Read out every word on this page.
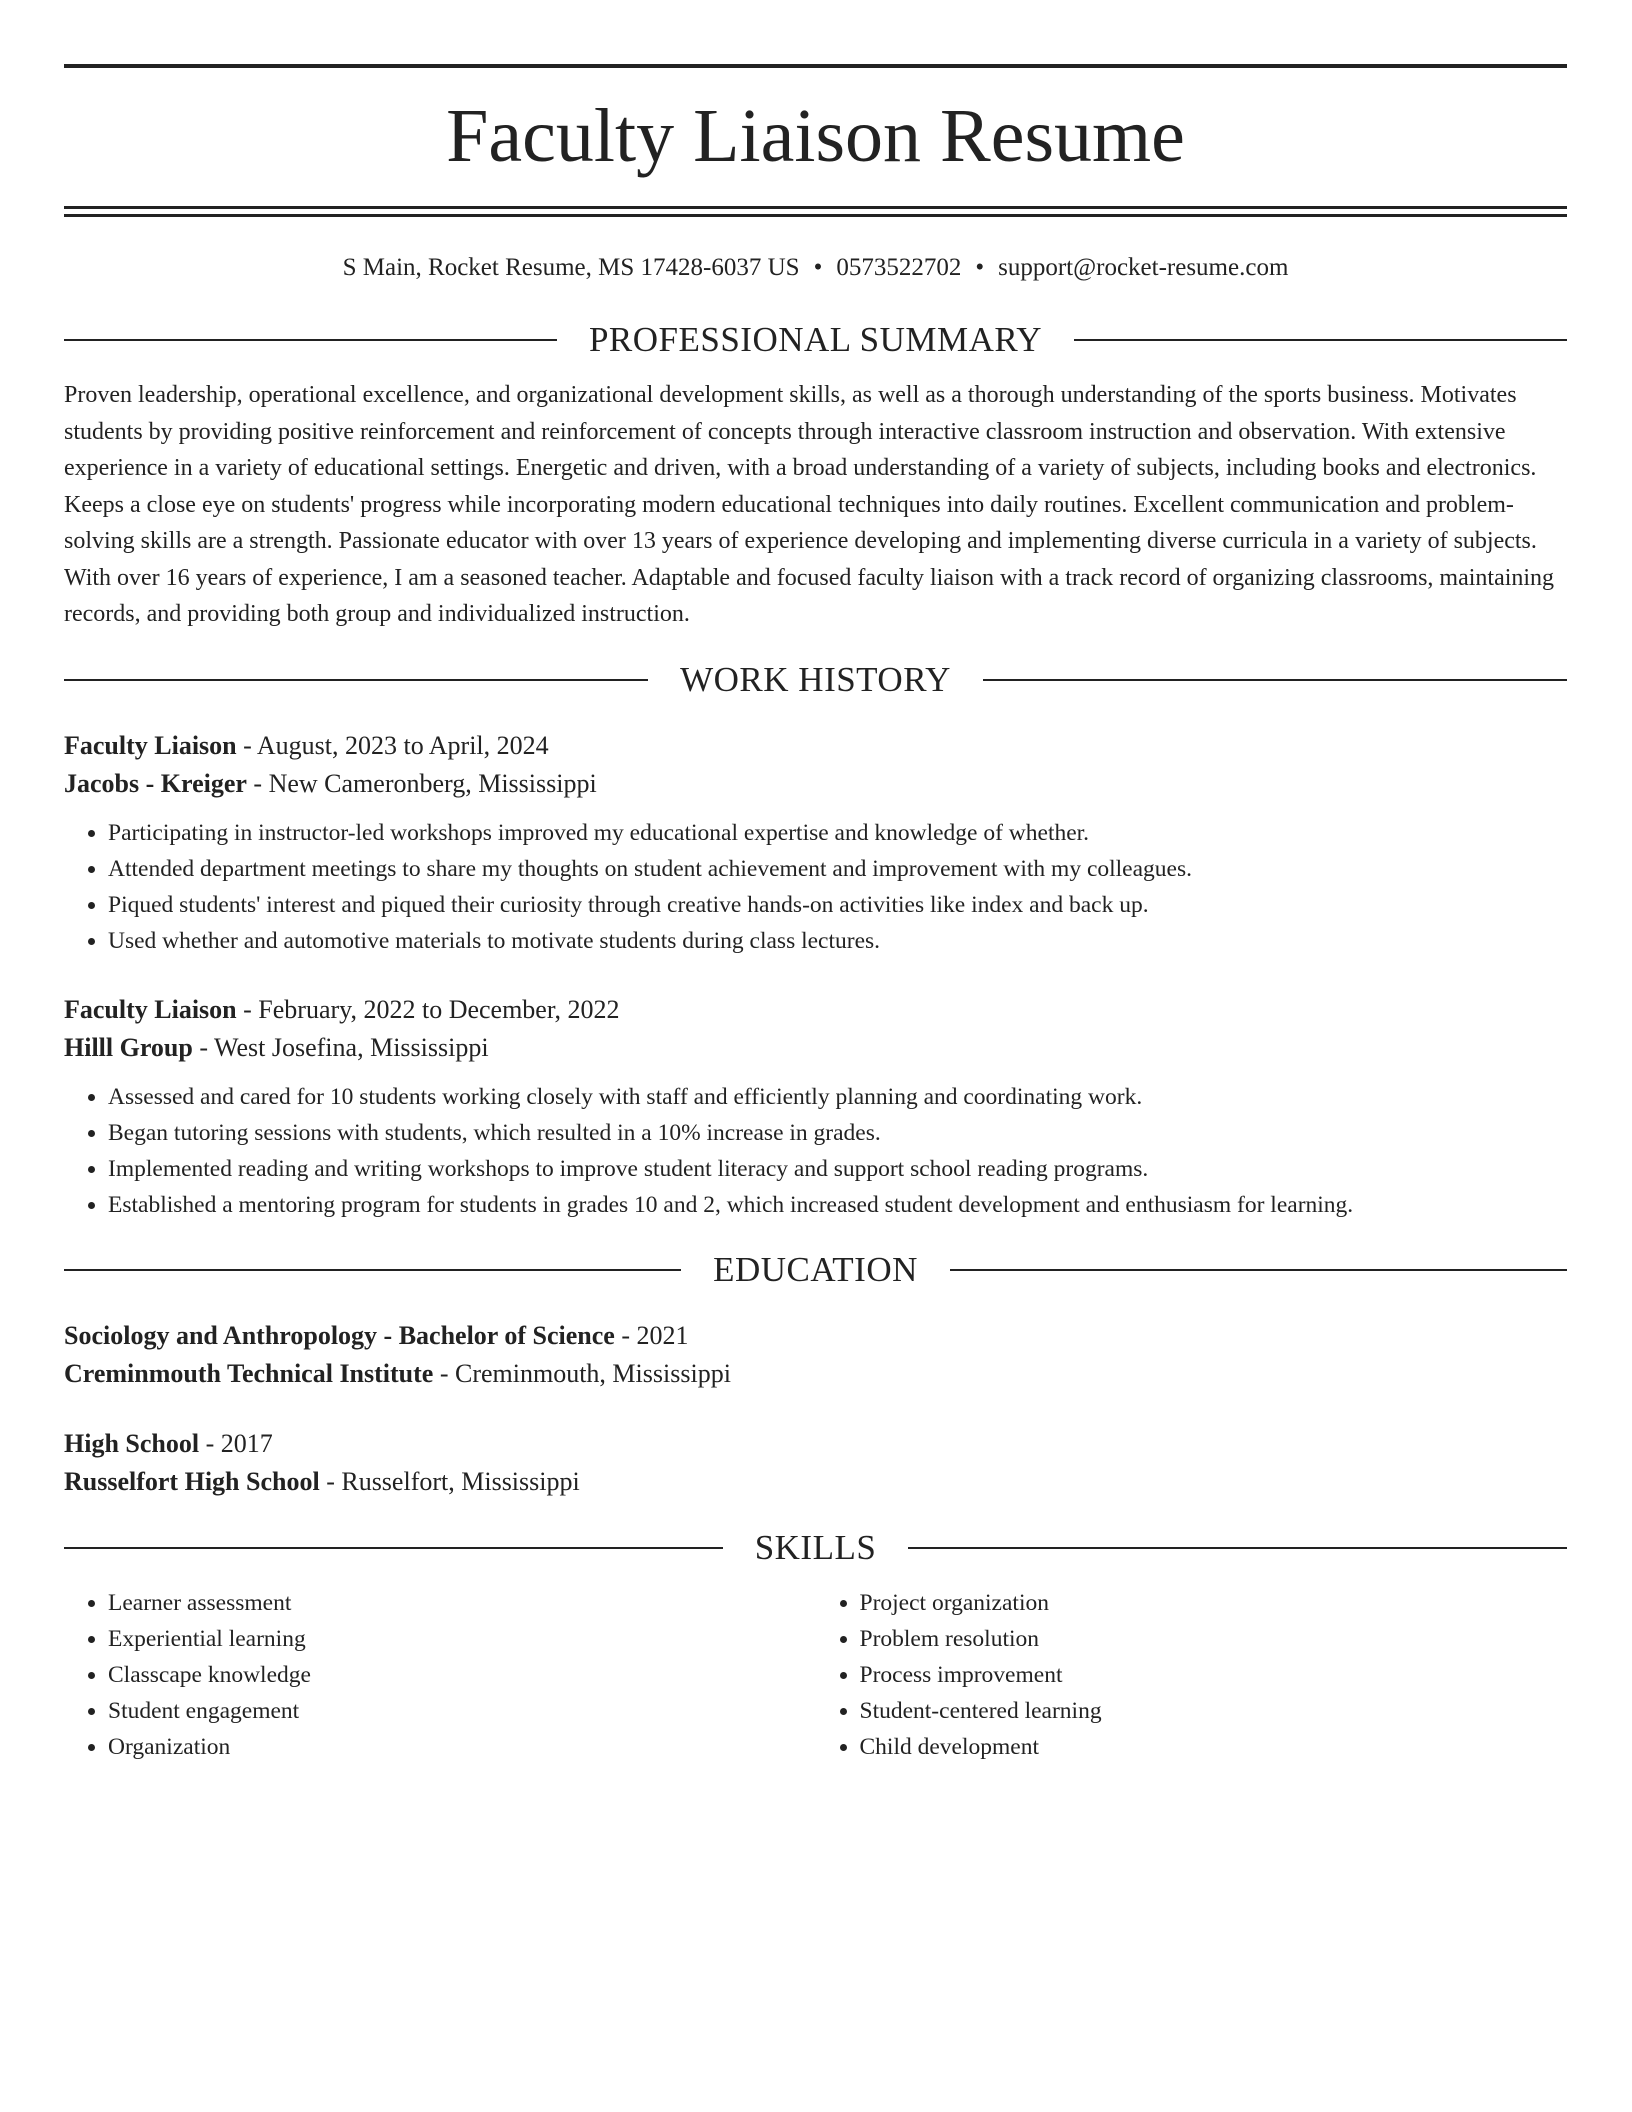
Faculty Liaison Resume
S Main, Rocket Resume, MS 17428-6037 US • 0573522702 • support@rocket-resume.com
PROFESSIONAL SUMMARY
Proven leadership, operational excellence, and organizational development skills, as well as a thorough understanding of the sports business. Motivates students by providing positive reinforcement and reinforcement of concepts through interactive classroom instruction and observation. With extensive experience in a variety of educational settings. Energetic and driven, with a broad understanding of a variety of subjects, including books and electronics. Keeps a close eye on students' progress while incorporating modern educational techniques into daily routines. Excellent communication and problem-solving skills are a strength. Passionate educator with over 13 years of experience developing and implementing diverse curricula in a variety of subjects. With over 16 years of experience, I am a seasoned teacher. Adaptable and focused faculty liaison with a track record of organizing classrooms, maintaining records, and providing both group and individualized instruction.
WORK HISTORY
Faculty Liaison - August, 2023 to April, 2024
Jacobs - Kreiger - New Cameronberg, Mississippi
• Participating in instructor-led workshops improved my educational expertise and knowledge of whether.
• Attended department meetings to share my thoughts on student achievement and improvement with my colleagues.
• Piqued students' interest and piqued their curiosity through creative hands-on activities like index and back up.
• Used whether and automotive materials to motivate students during class lectures.
Faculty Liaison - February, 2022 to December, 2022
Hilll Group - West Josefina, Mississippi
• Assessed and cared for 10 students working closely with staff and efficiently planning and coordinating work.
• Began tutoring sessions with students, which resulted in a 10% increase in grades.
• Implemented reading and writing workshops to improve student literacy and support school reading programs.
• Established a mentoring program for students in grades 10 and 2, which increased student development and enthusiasm for learning.
EDUCATION
Sociology and Anthropology - Bachelor of Science - 2021
Creminmouth Technical Institute - Creminmouth, Mississippi
High School - 2017
Russelfort High School - Russelfort, Mississippi
SKILLS
• Learner assessment
• Experiential learning
• Classcape knowledge
• Student engagement
• Organization
• Project organization
• Problem resolution
• Process improvement
• Student-centered learning
• Child development
